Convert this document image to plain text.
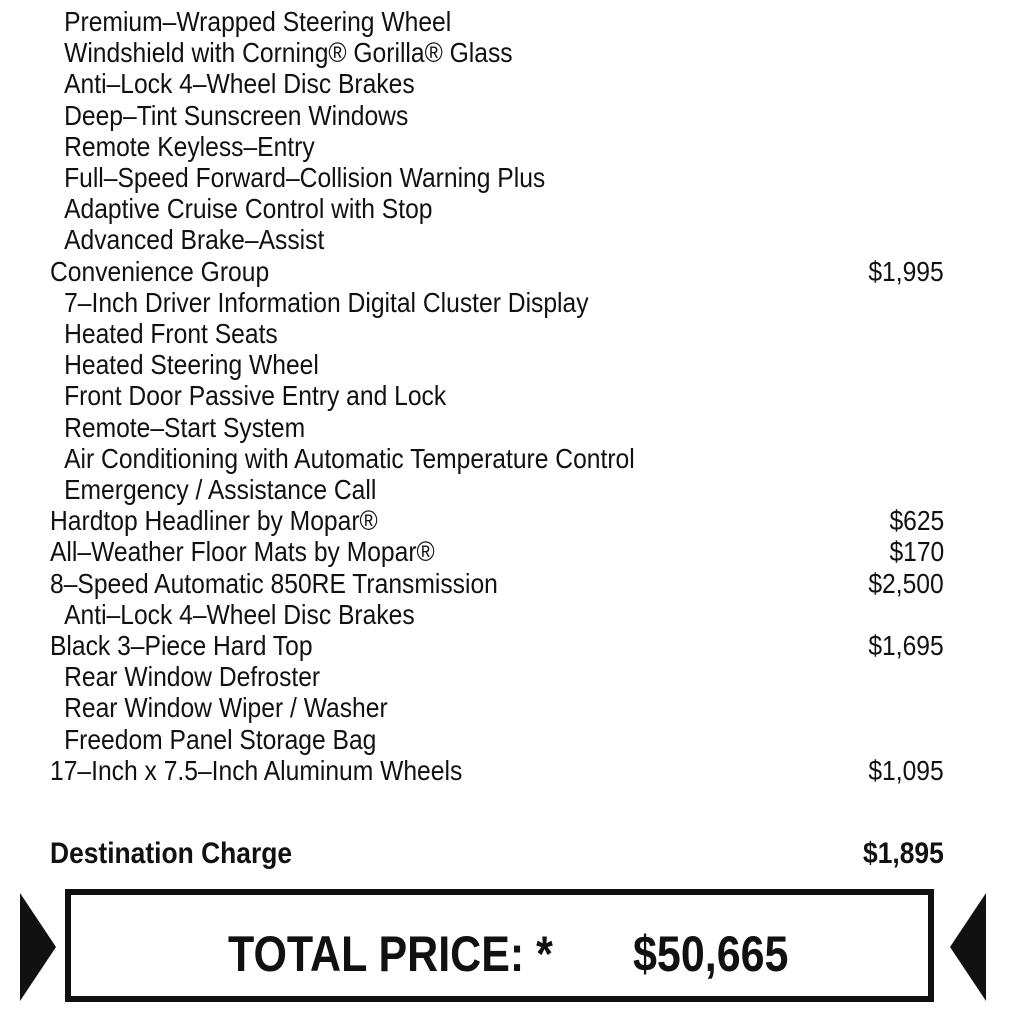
Premium–Wrapped Steering Wheel
Windshield with Corning® Gorilla® Glass
Anti–Lock 4–Wheel Disc Brakes
Deep–Tint Sunscreen Windows
Remote Keyless–Entry
Full–Speed Forward–Collision Warning Plus
Adaptive Cruise Control with Stop
Advanced Brake–Assist
Convenience Group	$1,995
7–Inch Driver Information Digital Cluster Display
Heated Front Seats
Heated Steering Wheel
Front Door Passive Entry and Lock
Remote–Start System
Air Conditioning with Automatic Temperature Control
Emergency / Assistance Call
Hardtop Headliner by Mopar®	$625
All–Weather Floor Mats by Mopar®	$170
8–Speed Automatic 850RE Transmission	$2,500
Anti–Lock 4–Wheel Disc Brakes
Black 3–Piece Hard Top	$1,695
Rear Window Defroster
Rear Window Wiper / Washer
Freedom Panel Storage Bag
17–Inch x 7.5–Inch Aluminum Wheels	$1,095
Destination Charge	$1,895
TOTAL PRICE: * $50,665
